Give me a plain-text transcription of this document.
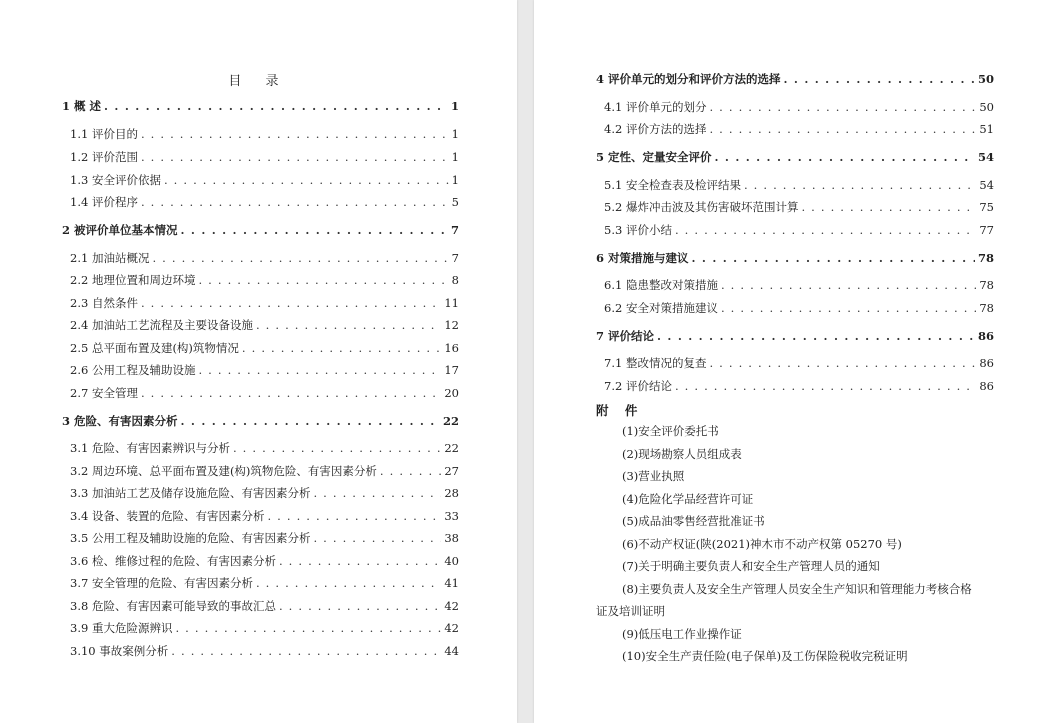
目 录
1 概 述 . . .	1
1.1 评价目的 . . .	1
1.2 评价范围 . . .	1
1.3 安全评价依据 . . .	1
1.4 评价程序 . . .	5
2 被评价单位基本情况 . . .	7
2.1 加油站概况 . . .	7
2.2 地理位置和周边环境 . . .	8
2.3 自然条件 . . .	11
2.4 加油站工艺流程及主要设备设施 . . .	12
2.5 总平面布置及建(构)筑物情况 . . .	16
2.6 公用工程及辅助设施 . . .	17
2.7 安全管理 . . .	20
3 危险、有害因素分析 . . .	22
3.1 危险、有害因素辨识与分析 . . .	22
3.2 周边环境、总平面布置及建(构)筑物危险、有害因素分析 . . .	27
3.3 加油站工艺及储存设施危险、有害因素分析 . . .	28
3.4 设备、装置的危险、有害因素分析 . . .	33
3.5 公用工程及辅助设施的危险、有害因素分析 . . .	38
3.6 检、维修过程的危险、有害因素分析 . . .	40
3.7 安全管理的危险、有害因素分析 . . .	41
3.8 危险、有害因素可能导致的事故汇总 . . .	42
3.9 重大危险源辨识 . . .	42
3.10 事故案例分析 . . .	44
4 评价单元的划分和评价方法的选择 . . .	50
4.1 评价单元的划分 . . .	50
4.2 评价方法的选择 . . .	51
5 定性、定量安全评价 . . .	54
5.1 安全检查表及检评结果 . . .	54
5.2 爆炸冲击波及其伤害破坏范围计算 . . .	75
5.3 评价小结 . . .	77
6 对策措施与建议 . . .	78
6.1 隐患整改对策措施 . . .	78
6.2 安全对策措施建议 . . .	78
7 评价结论 . . .	86
7.1 整改情况的复查 . . .	86
7.2 评价结论 . . .	86
附 件
(1)安全评价委托书
(2)现场勘察人员组成表
(3)营业执照
(4)危险化学品经营许可证
(5)成品油零售经营批准证书
(6)不动产权证(陕(2021)神木市不动产权第 05270 号)
(7)关于明确主要负责人和安全生产管理人员的通知
(8)主要负责人及安全生产管理人员安全生产知识和管理能力考核合格
证及培训证明
(9)低压电工作业操作证
(10)安全生产责任险(电子保单)及工伤保险税收完税证明
